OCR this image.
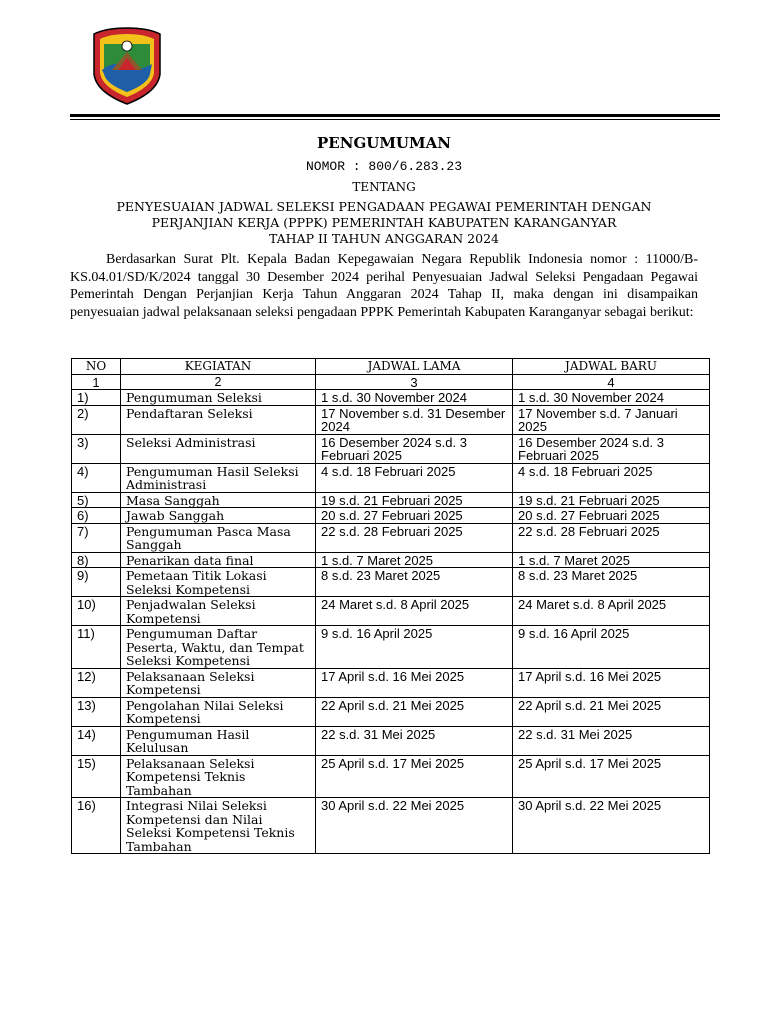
PENGUMUMAN
NOMOR : 800/6.283.23
TENTANG
PENYESUAIAN JADWAL SELEKSI PENGADAAN PEGAWAI PEMERINTAH DENGAN
PERJANJIAN KERJA (PPPK) PEMERINTAH KABUPATEN KARANGANYAR
TAHAP II TAHUN ANGGARAN 2024
Berdasarkan Surat Plt. Kepala Badan Kepegawaian Negara Republik Indonesia nomor : 11000/B-KS.04.01/SD/K/2024 tanggal 30 Desember 2024 perihal Penyesuaian Jadwal Seleksi Pengadaan Pegawai Pemerintah Dengan Perjanjian Kerja Tahun Anggaran 2024 Tahap II, maka dengan ini disampaikan penyesuaian jadwal pelaksanaan seleksi pengadaan PPPK Pemerintah Kabupaten Karanganyar sebagai berikut:
NO	KEGIATAN	JADWAL LAMA	JADWAL BARU
1	2	3	4
1)	Pengumuman Seleksi	1 s.d. 30 November 2024	1 s.d. 30 November 2024
2)	Pendaftaran Seleksi	17 November s.d. 31 Desember 2024	17 November s.d. 7 Januari 2025
3)	Seleksi Administrasi	16 Desember 2024 s.d. 3 Februari 2025	16 Desember 2024 s.d. 3 Februari 2025
4)	Pengumuman Hasil Seleksi Administrasi	4 s.d. 18 Februari 2025	4 s.d. 18 Februari 2025
5)	Masa Sanggah	19 s.d. 21 Februari 2025	19 s.d. 21 Februari 2025
6)	Jawab Sanggah	20 s.d. 27 Februari 2025	20 s.d. 27 Februari 2025
7)	Pengumuman Pasca Masa Sanggah	22 s.d. 28 Februari 2025	22 s.d. 28 Februari 2025
8)	Penarikan data final	1 s.d. 7 Maret 2025	1 s.d. 7 Maret 2025
9)	Pemetaan Titik Lokasi Seleksi Kompetensi	8 s.d. 23 Maret 2025	8 s.d. 23 Maret 2025
10)	Penjadwalan Seleksi Kompetensi	24 Maret s.d. 8 April 2025	24 Maret s.d. 8 April 2025
11)	Pengumuman Daftar Peserta, Waktu, dan Tempat Seleksi Kompetensi	9 s.d. 16 April 2025	9 s.d. 16 April 2025
12)	Pelaksanaan Seleksi Kompetensi	17 April s.d. 16 Mei 2025	17 April s.d. 16 Mei 2025
13)	Pengolahan Nilai Seleksi Kompetensi	22 April s.d. 21 Mei 2025	22 April s.d. 21 Mei 2025
14)	Pengumuman Hasil Kelulusan	22 s.d. 31 Mei 2025	22 s.d. 31 Mei 2025
15)	Pelaksanaan Seleksi Kompetensi Teknis Tambahan	25 April s.d. 17 Mei 2025	25 April s.d. 17 Mei 2025
16)	Integrasi Nilai Seleksi Kompetensi dan Nilai Seleksi Kompetensi Teknis Tambahan	30 April s.d. 22 Mei 2025	30 April s.d. 22 Mei 2025
